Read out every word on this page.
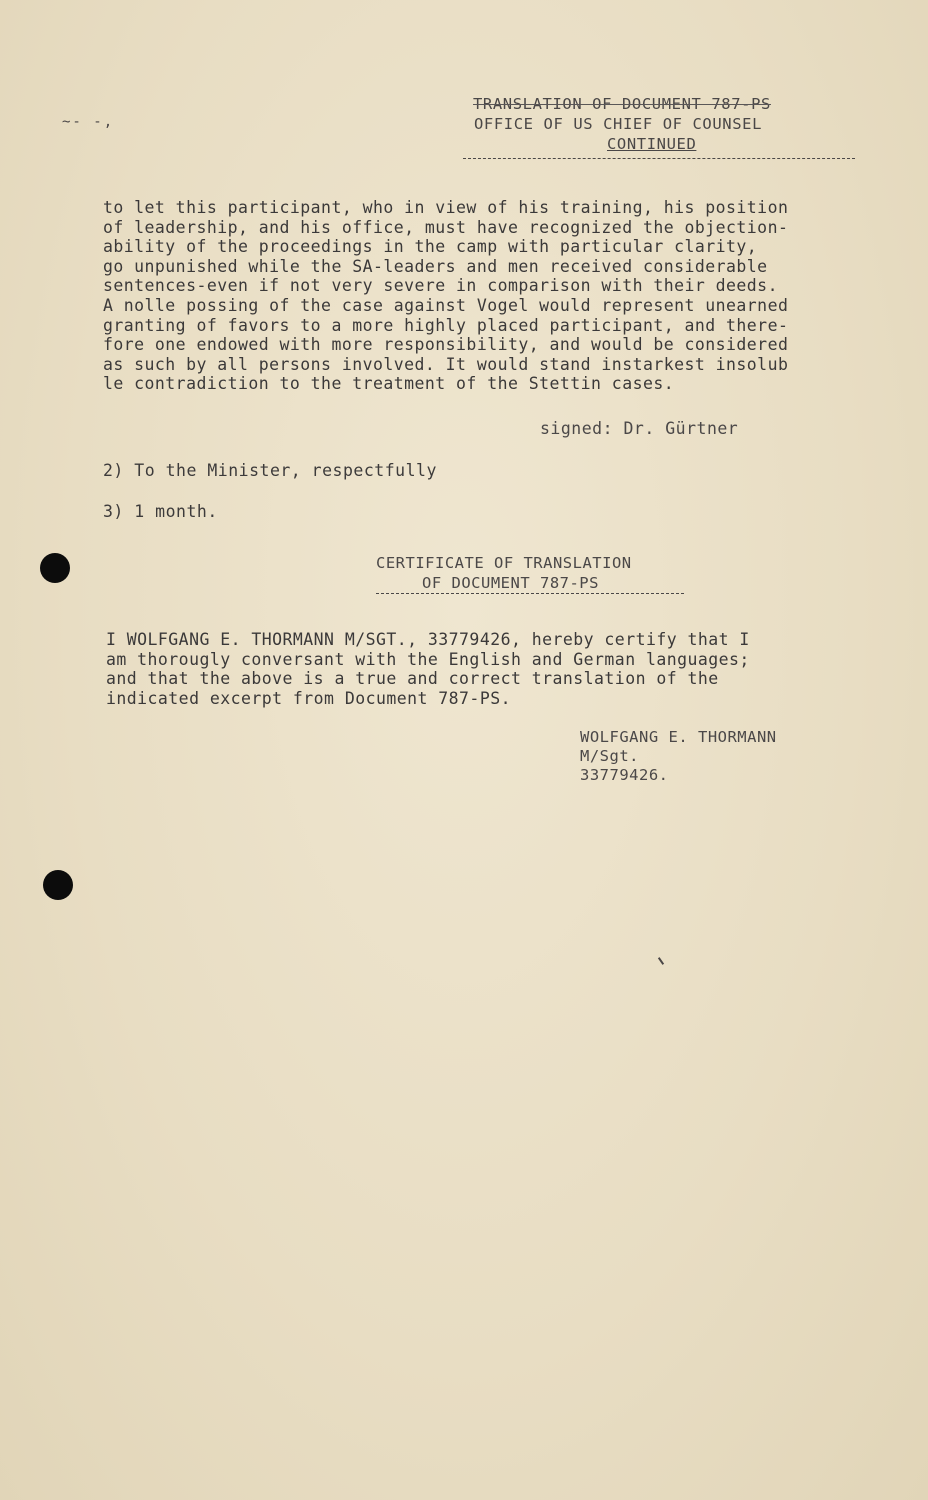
~- -,
TRANSLATION OF DOCUMENT 787-PS
OFFICE OF US CHIEF OF COUNSEL
CONTINUED
to let this participant, who in view of his training, his position
of leadership, and his office, must have recognized the objection-
ability of the proceedings in the camp with particular clarity,
go unpunished while the SA-leaders and men received considerable
sentences-even if not very severe in comparison with their deeds.
A nolle possing of the case against Vogel would represent unearned
granting of favors to a more highly placed participant, and there-
fore one endowed with more responsibility, and would be considered
as such by all persons involved. It would stand instarkest insolub
le contradiction to the treatment of the Stettin cases.
signed: Dr. Gürtner
2) To the Minister, respectfully
3) 1 month.
CERTIFICATE OF TRANSLATION
OF DOCUMENT 787-PS
I WOLFGANG E. THORMANN M/SGT., 33779426, hereby certify that I
am thorougly conversant with the English and German languages;
and that the above is a true and correct translation of the
indicated excerpt from Document 787-PS.
WOLFGANG E. THORMANN
M/Sgt.
33779426.
